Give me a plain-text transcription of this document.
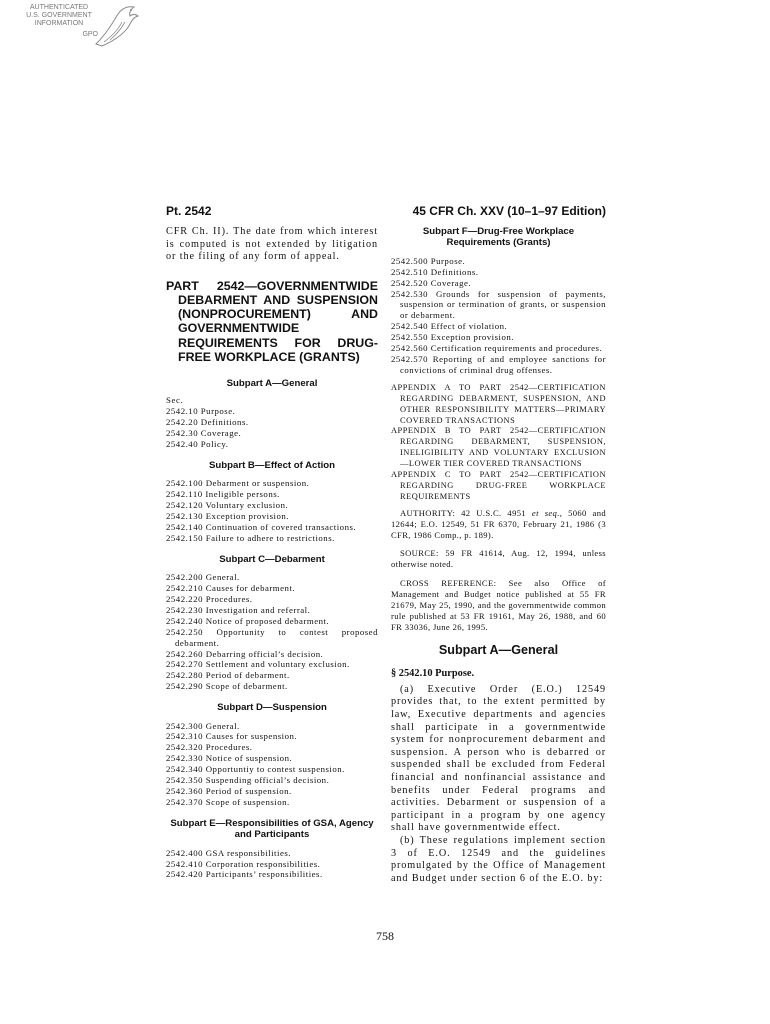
AUTHENTICATED
U.S. GOVERNMENT
INFORMATION
GPO
Pt. 2542	45 CFR Ch. XXV (10–1–97 Edition)

CFR Ch. II). The date from which interest is computed is not extended by litigation or the filing of any form of appeal.

PART 2542—GOVERNMENTWIDE DEBARMENT AND SUSPENSION (NONPROCUREMENT) AND GOVERNMENTWIDE REQUIREMENTS FOR DRUG-FREE WORKPLACE (GRANTS)
Subpart A—General

Sec.

2542.10 Purpose.
2542.20 Definitions.
2542.30 Coverage.
2542.40 Policy.
Subpart B—Effect of Action
2542.100 Debarment or suspension.
2542.110 Ineligible persons.
2542.120 Voluntary exclusion.
2542.130 Exception provision.
2542.140 Continuation of covered transactions.
2542.150 Failure to adhere to restrictions.
Subpart C—Debarment
2542.200 General.
2542.210 Causes for debarment.
2542.220 Procedures.
2542.230 Investigation and referral.
2542.240 Notice of proposed debarment.
2542.250 Opportunity to contest proposed debarment.
2542.260 Debarring official’s decision.
2542.270 Settlement and voluntary exclusion.
2542.280 Period of debarment.
2542.290 Scope of debarment.
Subpart D—Suspension
2542.300 General.
2542.310 Causes for suspension.
2542.320 Procedures.
2542.330 Notice of suspension.
2542.340 Opportuntiy to contest suspension.
2542.350 Suspending official’s decision.
2542.360 Period of suspension.
2542.370 Scope of suspension.
Subpart E—Responsibilities of GSA, Agency and Participants
2542.400 GSA responsibilities.
2542.410 Corporation responsibilities.
2542.420 Participants’ responsibilities.
Subpart F—Drug-Free Workplace Requirements (Grants)
2542.500 Purpose.
2542.510 Definitions.
2542.520 Coverage.
2542.530 Grounds for suspension of payments, suspension or termination of grants, or suspension or debarment.
2542.540 Effect of violation.
2542.550 Exception provision.
2542.560 Certification requirements and procedures.
2542.570 Reporting of and employee sanctions for convictions of criminal drug offenses.

APPENDIX A TO PART 2542—CERTIFICATION REGARDING DEBARMENT, SUSPENSION, AND OTHER RESPONSIBILITY MATTERS—PRIMARY COVERED TRANSACTIONS

APPENDIX B TO PART 2542—CERTIFICATION REGARDING DEBARMENT, SUSPENSION, INELIGIBILITY AND VOLUNTARY EXCLUSION—LOWER TIER COVERED TRANSACTIONS

APPENDIX C TO PART 2542—CERTIFICATION REGARDING DRUG-FREE WORKPLACE REQUIREMENTS

AUTHORITY: 42 U.S.C. 4951 et seq., 5060 and 12644; E.O. 12549, 51 FR 6370, February 21, 1986 (3 CFR, 1986 Comp., p. 189).

SOURCE: 59 FR 41614, Aug. 12, 1994, unless otherwise noted.

CROSS REFERENCE: See also Office of Management and Budget notice published at 55 FR 21679, May 25, 1990, and the governmentwide common rule published at 53 FR 19161, May 26, 1988, and 60 FR 33036, June 26, 1995.

Subpart A—General
§ 2542.10 Purpose.

(a) Executive Order (E.O.) 12549 provides that, to the extent permitted by law, Executive departments and agencies shall participate in a governmentwide system for nonprocurement debarment and suspension. A person who is debarred or suspended shall be excluded from Federal financial and nonfinancial assistance and benefits under Federal programs and activities. Debarment or suspension of a participant in a program by one agency shall have governmentwide effect.

(b) These regulations implement section 3 of E.O. 12549 and the guidelines promulgated by the Office of Management and Budget under section 6 of the E.O. by:

758
